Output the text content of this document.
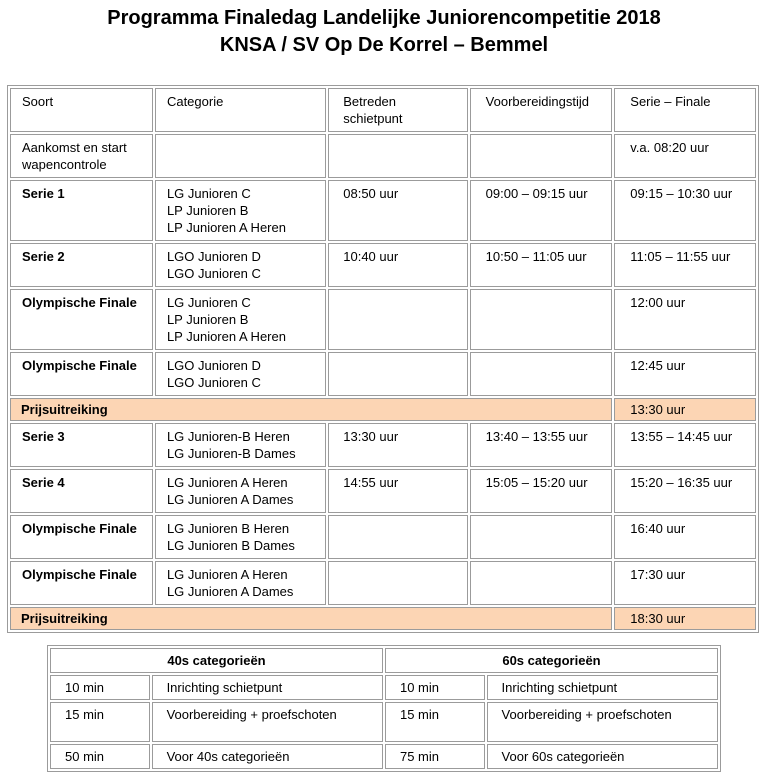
Programma Finaledag Landelijke Juniorencompetitie 2018
KNSA / SV Op De Korrel – Bemmel
Soort	Categorie	Betreden schietpunt	Voorbereidingstijd	Serie – Finale
Aankomst en start wapencontrole				v.a. 08:20 uur
Serie 1	LG Junioren C
LP Junioren B
LP Junioren A Heren	08:50 uur	09:00 – 09:15 uur	09:15 – 10:30 uur
Serie 2	LGO Junioren D
LGO Junioren C	10:40 uur	10:50 – 11:05 uur	11:05 – 11:55 uur
Olympische Finale	LG Junioren C
LP Junioren B
LP Junioren A Heren			12:00 uur
Olympische Finale	LGO Junioren D
LGO Junioren C			12:45 uur
Prijsuitreiking				13:30 uur
Serie 3	LG Junioren-B Heren
LG Junioren-B Dames	13:30 uur	13:40 – 13:55 uur	13:55 – 14:45 uur
Serie 4	LG Junioren A Heren
LG Junioren A Dames	14:55 uur	15:05 – 15:20 uur	15:20 – 16:35 uur
Olympische Finale	LG Junioren B Heren
LG Junioren B Dames			16:40 uur
Olympische Finale	LG Junioren A Heren
LG Junioren A Dames			17:30 uur
Prijsuitreiking				18:30 uur
40s categorieën		60s categorieën	
10 min	Inrichting schietpunt	10 min	Inrichting schietpunt
15 min	Voorbereiding + proefschoten	15 min	Voorbereiding + proefschoten
50 min	Voor 40s categorieën	75 min	Voor 60s categorieën
